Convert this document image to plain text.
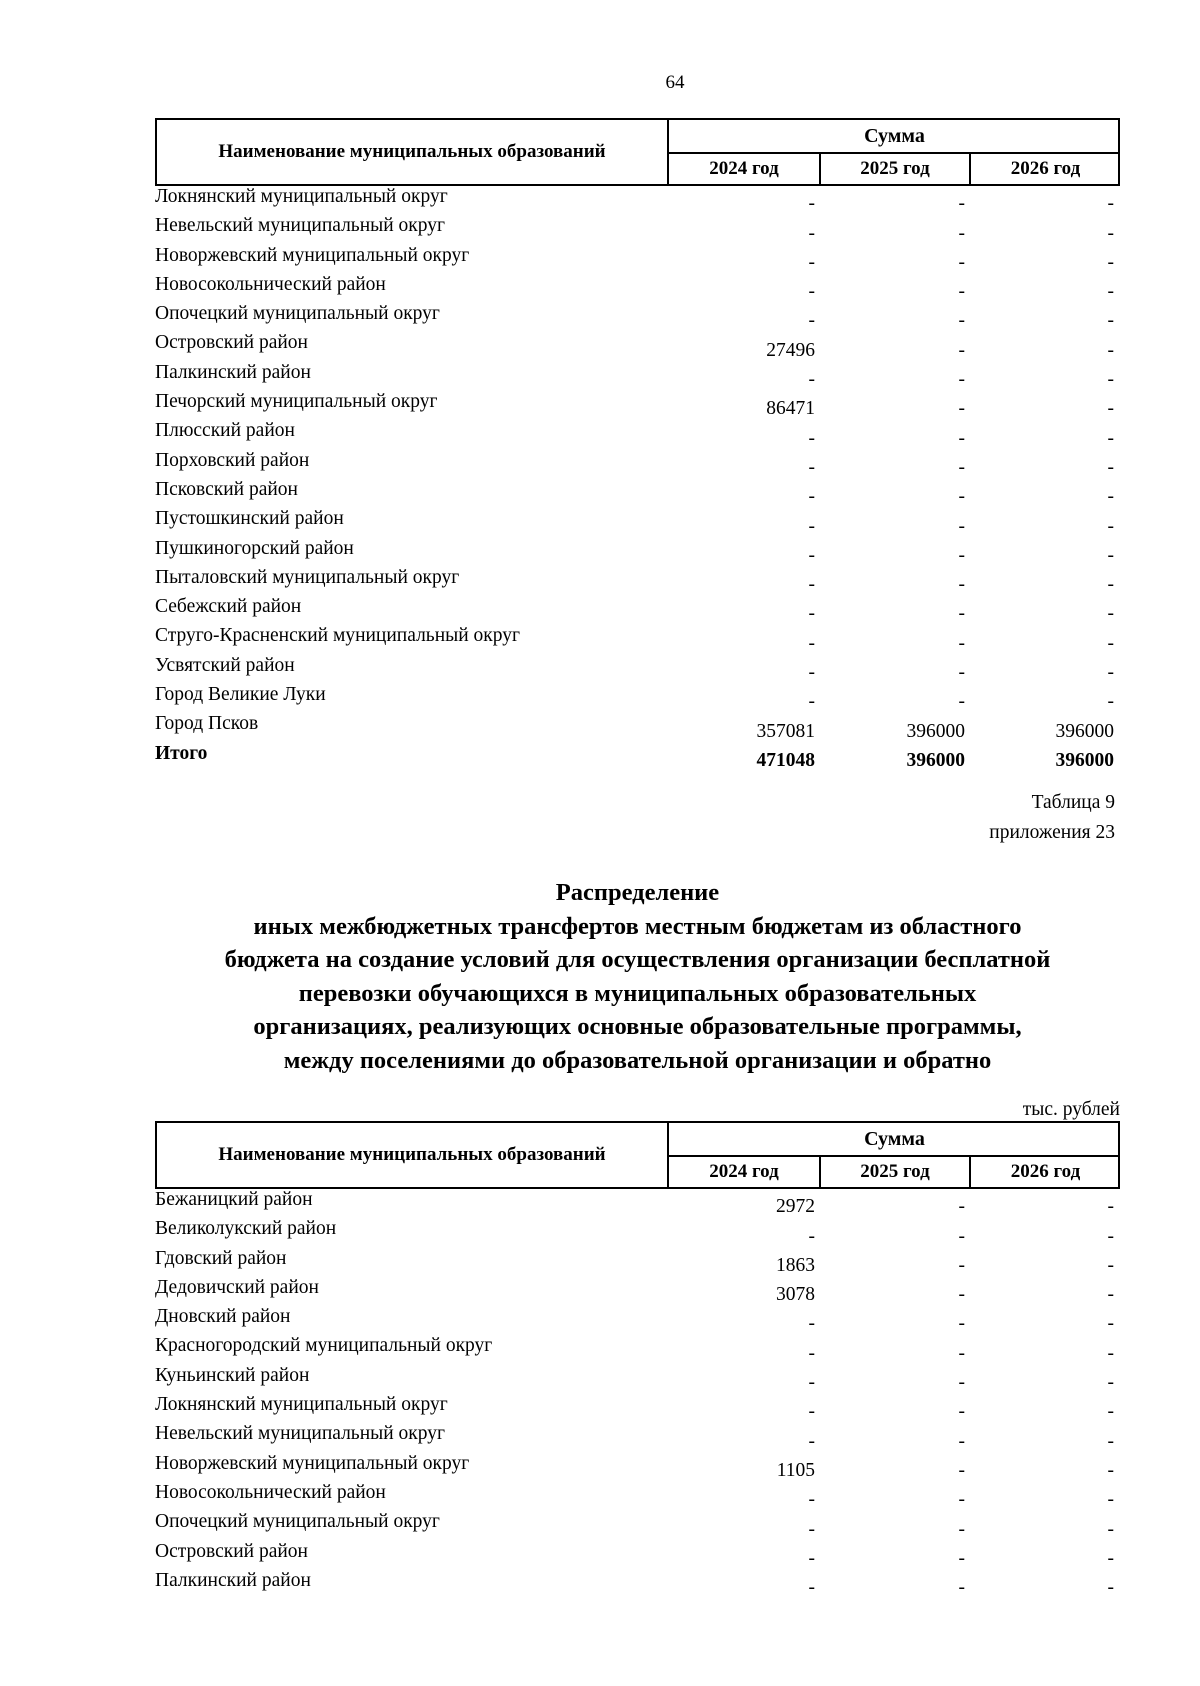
64
Наименование муниципальных образований
Сумма
2024 год	2025 год	2026 год
Локнянский муниципальный округ	-	-	-
Невельский муниципальный округ	-	-	-
Новоржевский муниципальный округ	-	-	-
Новосокольнический район	-	-	-
Опочецкий муниципальный округ	-	-	-
Островский район	27496	-	-
Палкинский район	-	-	-
Печорский муниципальный округ	86471	-	-
Плюсский район	-	-	-
Порховский район	-	-	-
Псковский район	-	-	-
Пустошкинский район	-	-	-
Пушкиногорский район	-	-	-
Пыталовский муниципальный округ	-	-	-
Себежский район	-	-	-
Струго-Красненский муниципальный округ	-	-	-
Усвятский район	-	-	-
Город Великие Луки	-	-	-
Город Псков	357081	396000	396000
Итого	471048	396000	396000
Таблица 9
приложения 23
Распределение
иных межбюджетных трансфертов местным бюджетам из областного
бюджета на создание условий для осуществления организации бесплатной
перевозки обучающихся в муниципальных образовательных
организациях, реализующих основные образовательные программы,
между поселениями до образовательной организации и обратно
тыс. рублей
Наименование муниципальных образований
Сумма
2024 год	2025 год	2026 год
Бежаницкий район	2972	-	-
Великолукский район	-	-	-
Гдовский район	1863	-	-
Дедовичский район	3078	-	-
Дновский район	-	-	-
Красногородский муниципальный округ	-	-	-
Куньинский район	-	-	-
Локнянский муниципальный округ	-	-	-
Невельский муниципальный округ	-	-	-
Новоржевский муниципальный округ	1105	-	-
Новосокольнический район	-	-	-
Опочецкий муниципальный округ	-	-	-
Островский район	-	-	-
Палкинский район	-	-	-
